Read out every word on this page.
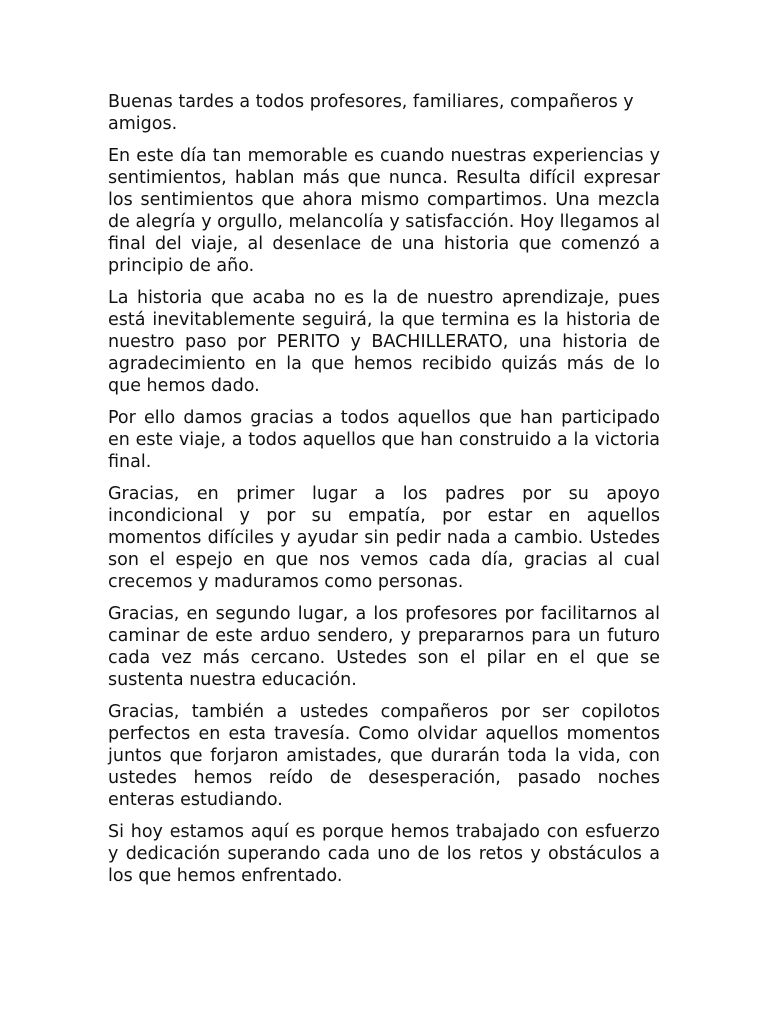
Buenas tardes a todos profesores, familiares, compañeros y amigos.

En este día tan memorable es cuando nuestras experiencias y sentimientos, hablan más que nunca. Resulta difícil expresar los sentimientos que ahora mismo compartimos. Una mezcla de alegría y orgullo, melancolía y satisfacción. Hoy llegamos al final del viaje, al desenlace de una historia que comenzó a principio de año.

La historia que acaba no es la de nuestro aprendizaje, pues está inevitablemente seguirá, la que termina es la historia de nuestro paso por PERITO y BACHILLERATO, una historia de agradecimiento en la que hemos recibido quizás más de lo que hemos dado.

Por ello damos gracias a todos aquellos que han participado en este viaje, a todos aquellos que han construido a la victoria final.

Gracias, en primer lugar a los padres por su apoyo incondicional y por su empatía, por estar en aquellos momentos difíciles y ayudar sin pedir nada a cambio. Ustedes son el espejo en que nos vemos cada día, gracias al cual crecemos y maduramos como personas.

Gracias, en segundo lugar, a los profesores por facilitarnos al caminar de este arduo sendero, y prepararnos para un futuro cada vez más cercano. Ustedes son el pilar en el que se sustenta nuestra educación.

Gracias, también a ustedes compañeros por ser copilotos perfectos en esta travesía. Como olvidar aquellos momentos juntos que forjaron amistades, que durarán toda la vida, con ustedes hemos reído de desesperación, pasado noches enteras estudiando.

Si hoy estamos aquí es porque hemos trabajado con esfuerzo y dedicación superando cada uno de los retos y obstáculos a los que hemos enfrentado.
